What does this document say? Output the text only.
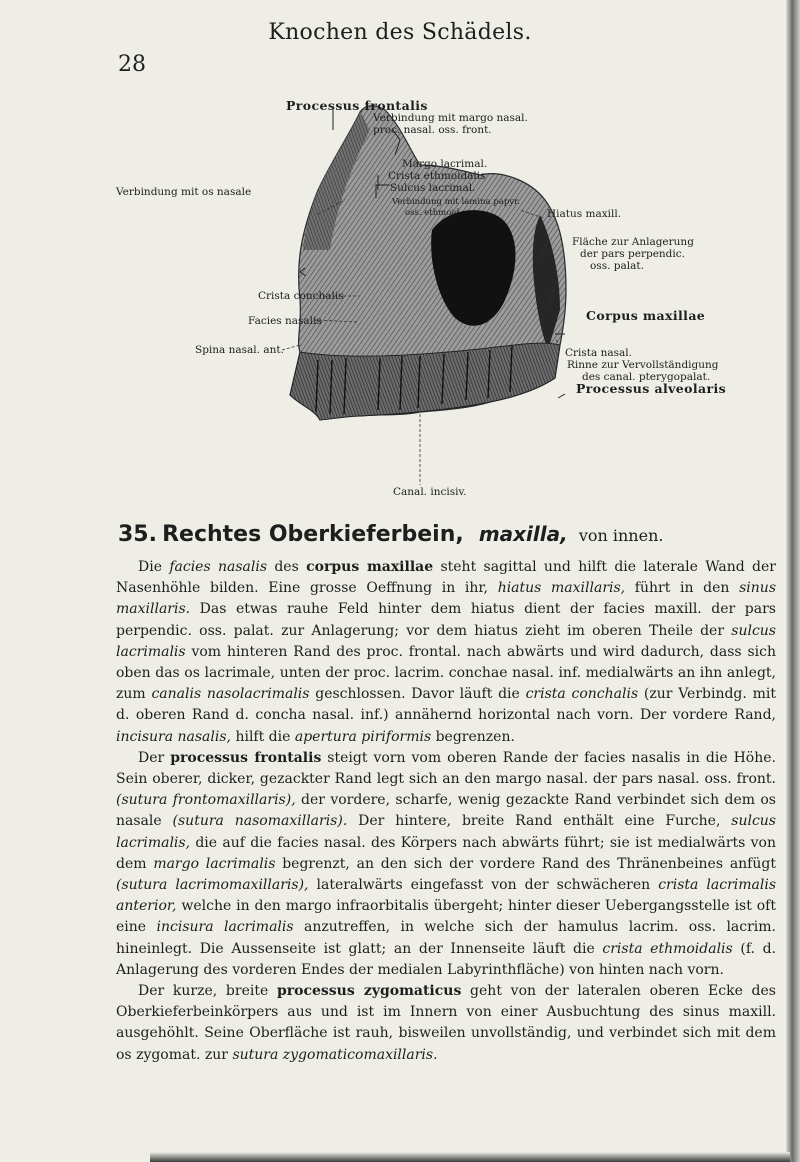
28
Knochen des Schädels.
Processus frontalis
Verbindung mit margo nasal.
proc. nasal. oss. front.
Margo lacrimal.
Crista ethmoidalis
Sulcus lacrimal.
Verbindung mit lamina papyr.
oss. ethmoid.
Verbindung mit os nasale
Hiatus maxill.
Fläche zur Anlagerung
der pars perpendic.
oss. palat.
Crista conchalis
Facies nasalis	Corpus maxillae
Spina nasal. ant.	Crista nasal.
Rinne zur Vervollständigung
des canal. pterygopalat.
Processus alveolaris
Canal. incisiv.
35. Rechtes Oberkieferbein, maxilla, von innen.

Die facies nasalis des corpus maxillae steht sagittal und hilft die laterale Wand der Nasenhöhle bilden. Eine grosse Oeffnung in ihr, hiatus maxillaris, führt in den sinus maxillaris. Das etwas rauhe Feld hinter dem hiatus dient der facies maxill. der pars perpendic. oss. palat. zur Anlagerung; vor dem hiatus zieht im oberen Theile der sulcus lacrimalis vom hinteren Rand des proc. frontal. nach abwärts und wird dadurch, dass sich oben das os lacrimale, unten der proc. lacrim. conchae nasal. inf. medialwärts an ihn anlegt, zum canalis nasolacrimalis geschlossen. Davor läuft die crista conchalis (zur Verbindg. mit d. oberen Rand d. concha nasal. inf.) annähernd horizontal nach vorn. Der vordere Rand, incisura nasalis, hilft die apertura piriformis begrenzen.

Der processus frontalis steigt vorn vom oberen Rande der facies nasalis in die Höhe. Sein oberer, dicker, gezackter Rand legt sich an den margo nasal. der pars nasal. oss. front. (sutura frontomaxillaris), der vordere, scharfe, wenig gezackte Rand verbindet sich dem os nasale (sutura nasomaxillaris). Der hintere, breite Rand enthält eine Furche, sulcus lacrimalis, die auf die facies nasal. des Körpers nach abwärts führt; sie ist medialwärts von dem margo lacrimalis begrenzt, an den sich der vordere Rand des Thränenbeines anfügt (sutura lacrimomaxillaris), lateralwärts eingefasst von der schwächeren crista lacrimalis anterior, welche in den margo infraorbitalis übergeht; hinter dieser Uebergangsstelle ist oft eine incisura lacrimalis anzutreffen, in welche sich der hamulus lacrim. oss. lacrim. hineinlegt. Die Aussenseite ist glatt; an der Innenseite läuft die crista ethmoidalis (f. d. Anlagerung des vorderen Endes der medialen Labyrinthfläche) von hinten nach vorn.

Der kurze, breite processus zygomaticus geht von der lateralen oberen Ecke des Oberkieferbeinkörpers aus und ist im Innern von einer Ausbuchtung des sinus maxill. ausgehöhlt. Seine Oberfläche ist rauh, bisweilen unvollständig, und verbindet sich mit dem os zygomat. zur sutura zygomaticomaxillaris.
